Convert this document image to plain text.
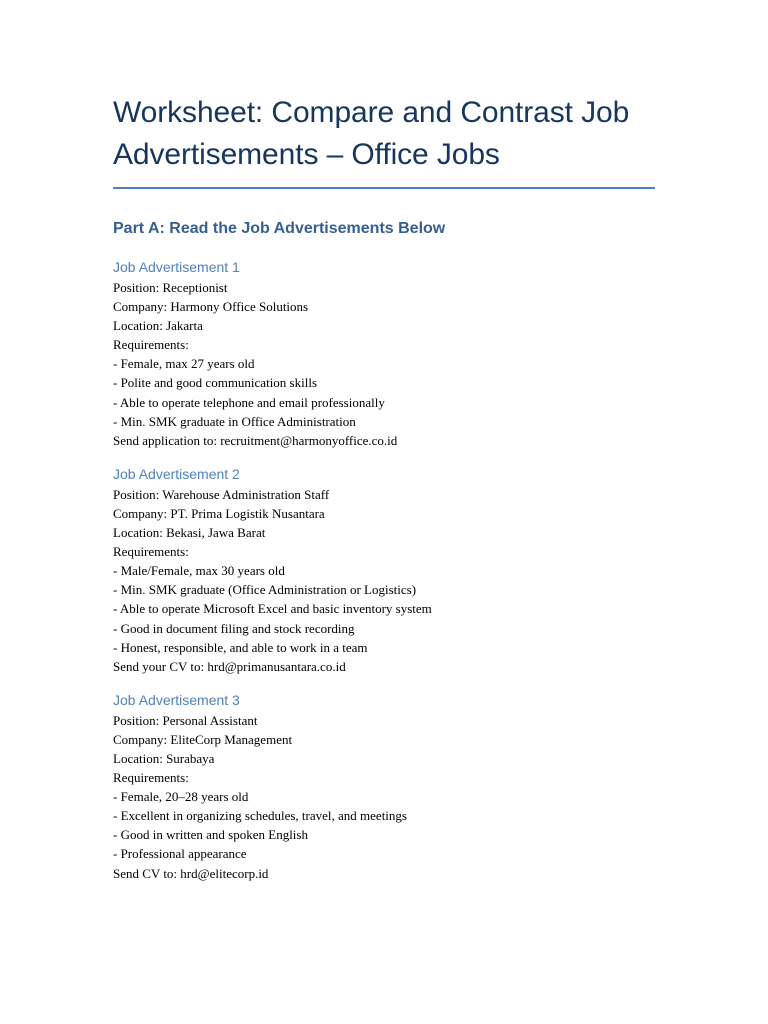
Worksheet: Compare and Contrast Job
Advertisements – Office Jobs
Part A: Read the Job Advertisements Below
Job Advertisement 1
Position: Receptionist
Company: Harmony Office Solutions
Location: Jakarta
Requirements:
- Female, max 27 years old
- Polite and good communication skills
- Able to operate telephone and email professionally
- Min. SMK graduate in Office Administration
Send application to: recruitment@harmonyoffice.co.id
Job Advertisement 2
Position: Warehouse Administration Staff
Company: PT. Prima Logistik Nusantara
Location: Bekasi, Jawa Barat
Requirements:
- Male/Female, max 30 years old
- Min. SMK graduate (Office Administration or Logistics)
- Able to operate Microsoft Excel and basic inventory system
- Good in document filing and stock recording
- Honest, responsible, and able to work in a team
Send your CV to: hrd@primanusantara.co.id
Job Advertisement 3
Position: Personal Assistant
Company: EliteCorp Management
Location: Surabaya
Requirements:
- Female, 20–28 years old
- Excellent in organizing schedules, travel, and meetings
- Good in written and spoken English
- Professional appearance
Send CV to: hrd@elitecorp.id
